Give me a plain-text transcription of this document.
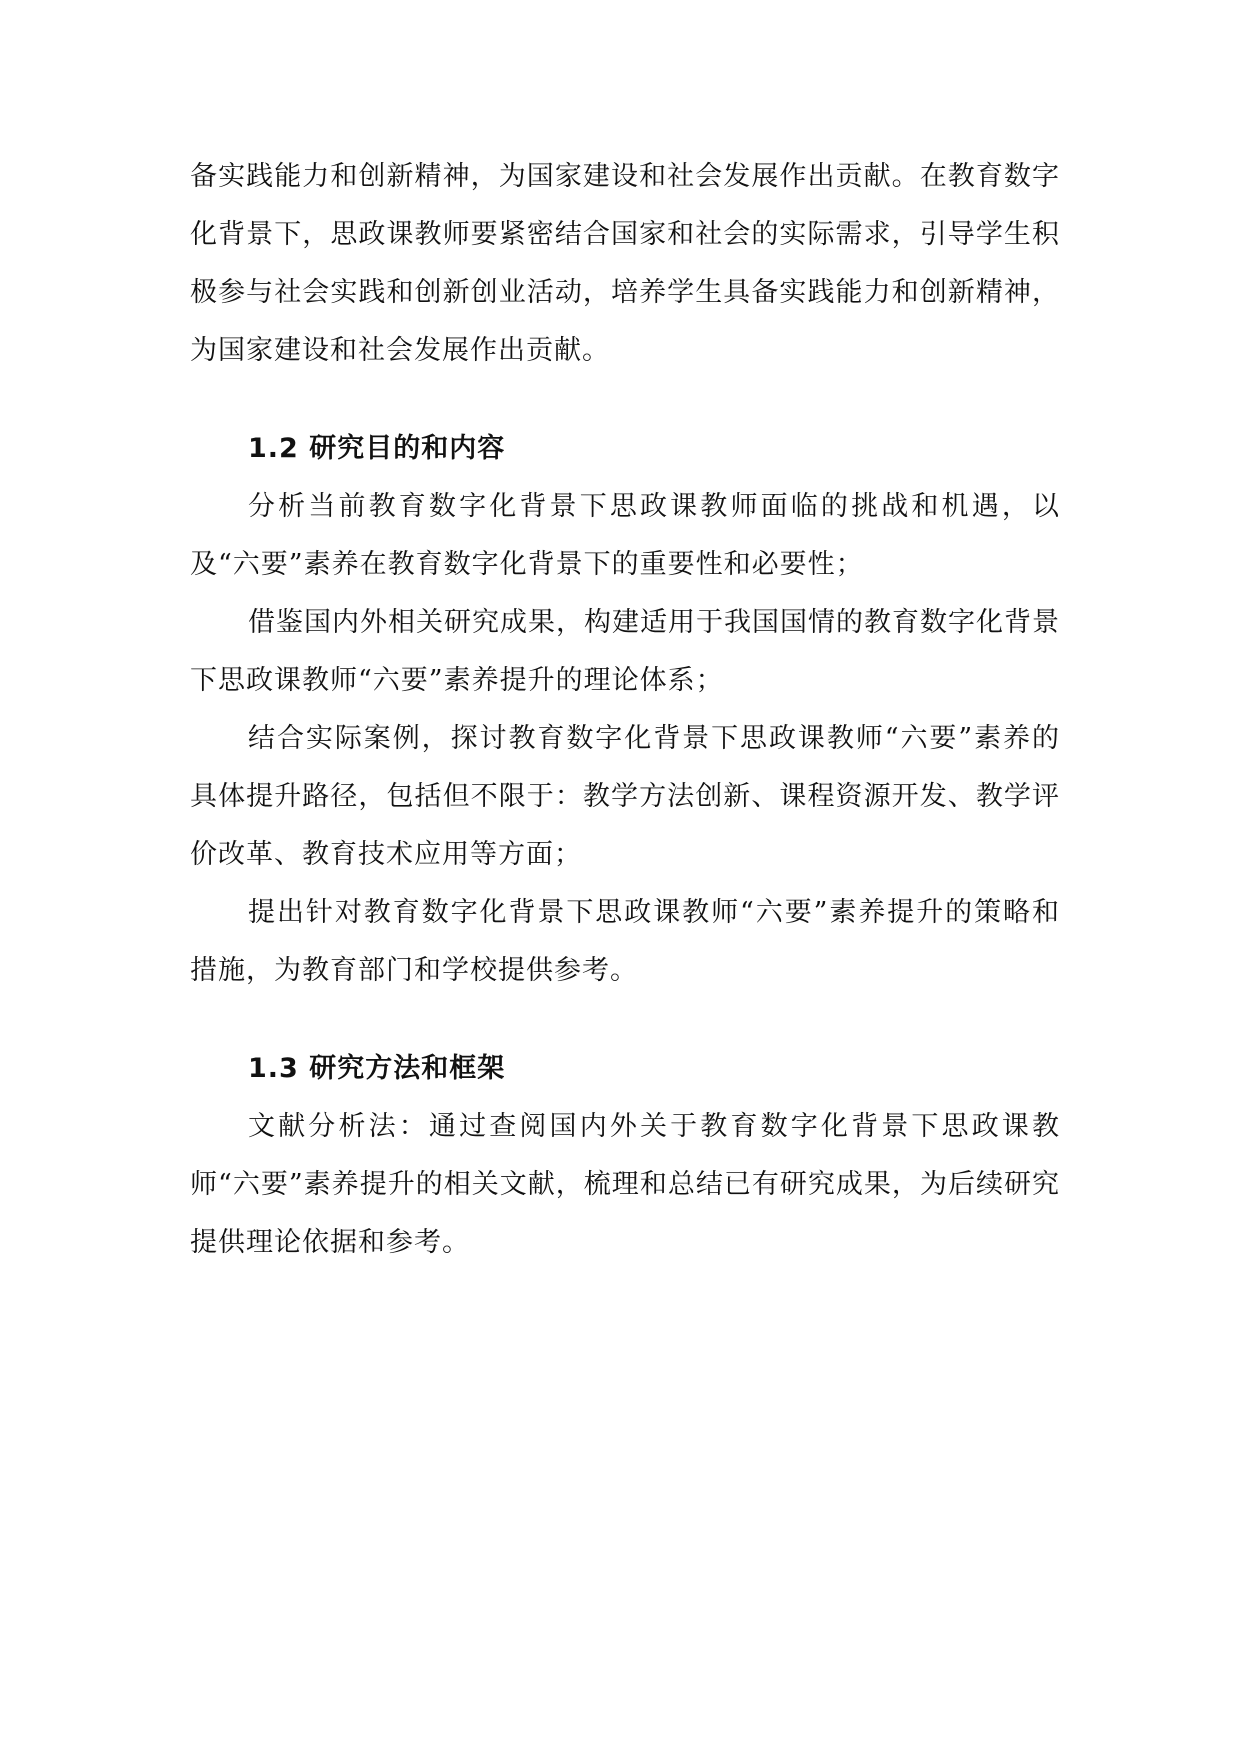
备实践能力和创新精神，为国家建设和社会发展作出贡献。在教育数字化背景下，思政课教师要紧密结合国家和社会的实际需求，引导学生积极参与社会实践和创新创业活动，培养学生具备实践能力和创新精神，为国家建设和社会发展作出贡献。

1.2 研究目的和内容

分析当前教育数字化背景下思政课教师面临的挑战和机遇，以及“六要”素养在教育数字化背景下的重要性和必要性；

借鉴国内外相关研究成果，构建适用于我国国情的教育数字化背景下思政课教师“六要”素养提升的理论体系；

结合实际案例，探讨教育数字化背景下思政课教师“六要”素养的具体提升路径，包括但不限于：教学方法创新、课程资源开发、教学评价改革、教育技术应用等方面；

提出针对教育数字化背景下思政课教师“六要”素养提升的策略和措施，为教育部门和学校提供参考。

1.3 研究方法和框架

文献分析法：通过查阅国内外关于教育数字化背景下思政课教师“六要”素养提升的相关文献，梳理和总结已有研究成果，为后续研究提供理论依据和参考。
